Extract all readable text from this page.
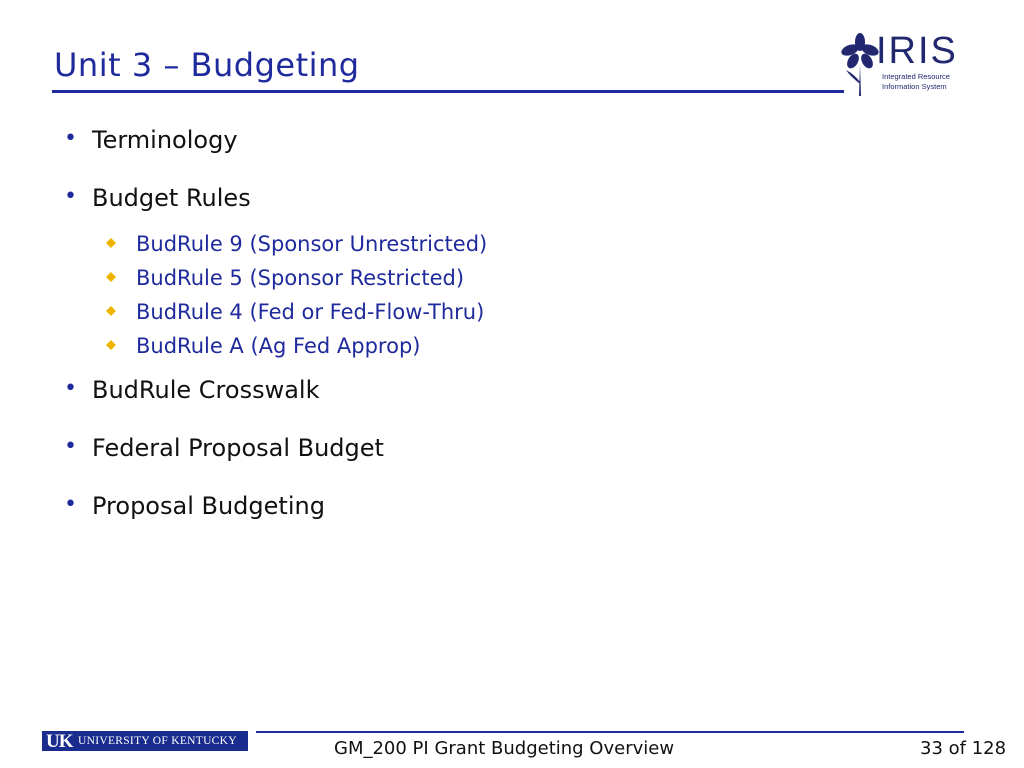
Unit 3 – Budgeting	IRIS
Integrated Resource
Information System
• Terminology
• Budget Rules
BudRule 9 (Sponsor Unrestricted)
BudRule 5 (Sponsor Restricted)
BudRule 4 (Fed or Fed-Flow-Thru)
BudRule A (Ag Fed Approp)
• BudRule Crosswalk
• Federal Proposal Budget
• Proposal Budgeting
UK UNIVERSITY OF KENTUCKY	GM_200 PI Grant Budgeting Overview	33 of 128
